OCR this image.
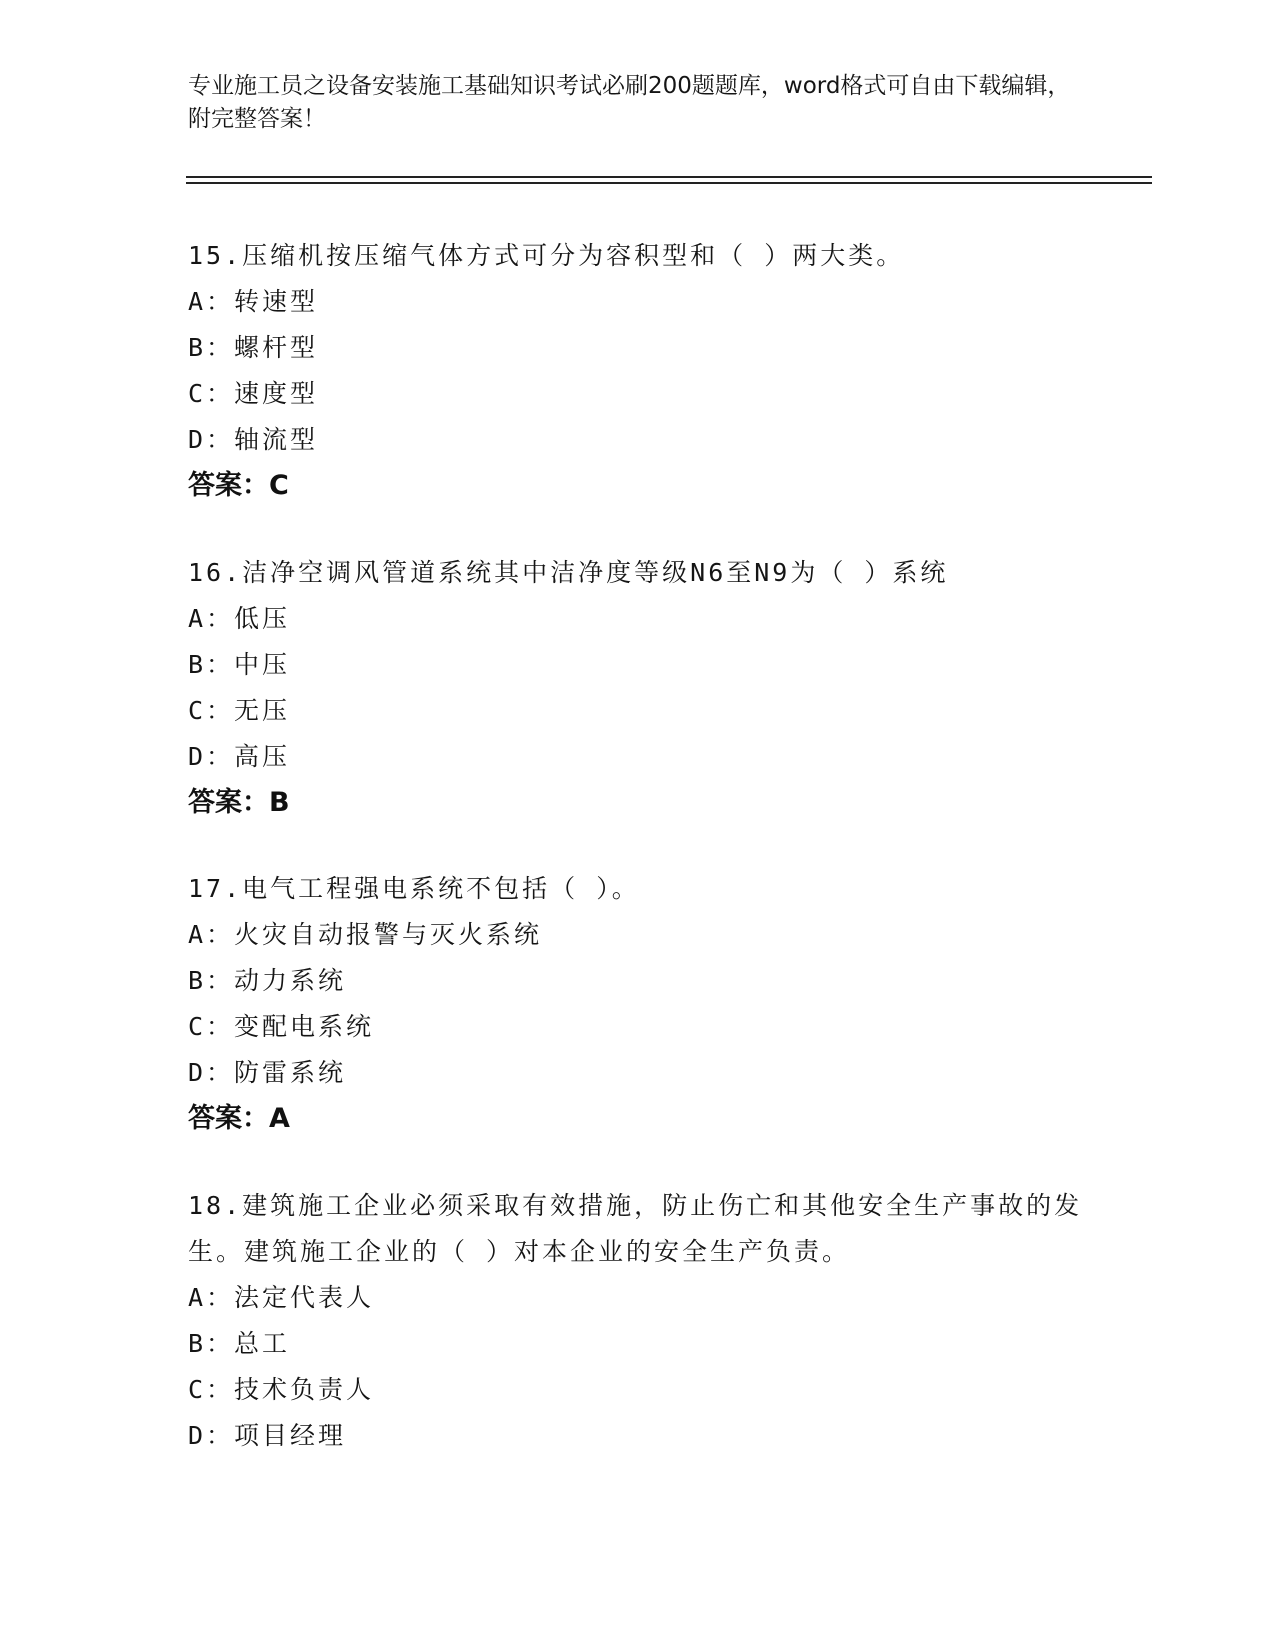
专业施工员之设备安装施工基础知识考试必刷200题题库，word格式可自由下载编辑，附完整答案！

15.压缩机按压缩气体方式可分为容积型和（ ）两大类。

A：转速型

B：螺杆型

C：速度型

D：轴流型

答案：C

16.洁净空调风管道系统其中洁净度等级N6至N9为（ ）系统

A：低压

B：中压

C：无压

D：高压

答案：B

17.电气工程强电系统不包括（ ）。

A：火灾自动报警与灭火系统

B：动力系统

C：变配电系统

D：防雷系统

答案：A

18.建筑施工企业必须采取有效措施，防止伤亡和其他安全生产事故的发生。建筑施工企业的（ ）对本企业的安全生产负责。

A：法定代表人

B：总工

C：技术负责人

D：项目经理
